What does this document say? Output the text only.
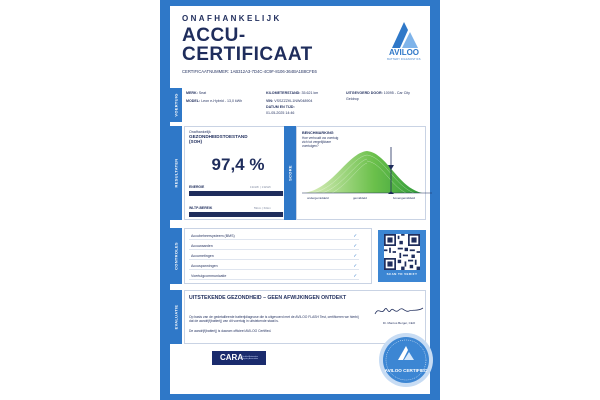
ONAFHANKELIJK
ACCU-
CERTIFICAAT
CERTIFICAATNUMMER: 1AB312A3-7D4C-4C9F-8106-364BA1B8CFE6
AVILOO
BATTERY DIAGNOSTICS
VOERTUIG
MERK: Seat
MODEL: Leon e-Hybrid - 13,0 kWh
KILOMETERSTAND: 35.621 km
VIN: VSSZZZKL1NW048904
DATUM EN TIJD:
01-05-2025 14:46
UITGEVOERD DOOR: 10095 - Car City
Geldrop
RESULTATEN
Onafhankelijk
GEZONDHEIDSTOESTAND
(SOH)
97,4 %
ENERGIE	13kWh | 13kWh
WLTP-BEREIK	59km | 60km
SCORE
BENCHMARKING
Hoe verhoudt uw voertuig zich tot vergelijkbare voertuigen?
ondergemiddeld	gemiddeld	bovengemiddeld
CONTROLES
Accubeheersysteem (BMS)	✓
Accuwaarden	✓
Accumetingen	✓
Accuspanningen	✓
Voertuigcommunicatie	✓	SCAN TO VERIFY
EVALUATIE
UITSTEKENDE GEZONDHEID – GEEN AFWIJKINGEN ONTDEKT
Op basis van de gedetailleerde batterijdiagnose die is uitgevoerd met de AVILOO FLASH Test, certificeren we hierbij dat de aandrijf(batterij) van dit voertuig in uitstekende staat is.
De aandrijf(batterij) is daarom officieel AVILOO Certified.
Dr. Marcus Berger, CEO
CARA
Certified Automotive Registry Association
AVILOO CERTIFIED
